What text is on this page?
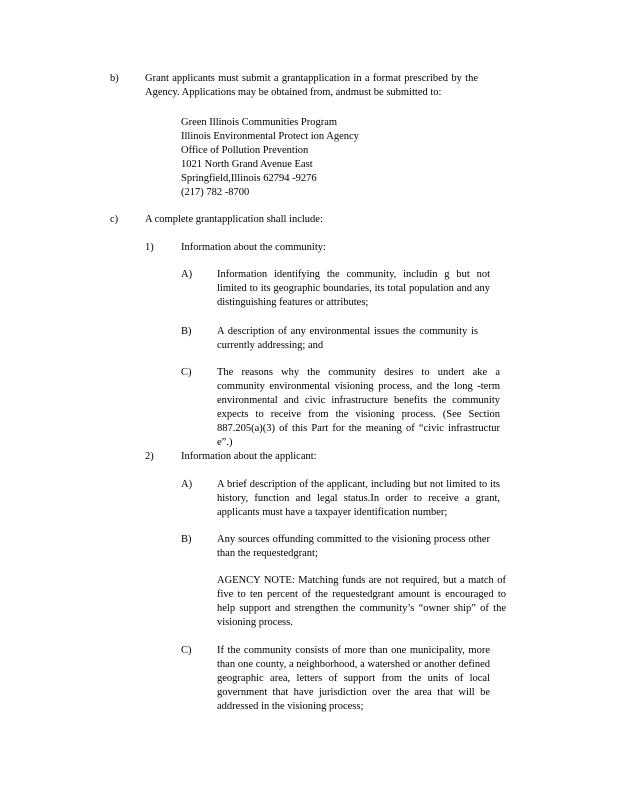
b)	Grant applicants must submit a grantapplication in a format prescribed by the Agency. Applications may be obtained from, andmust be submitted to:
Green Illinois Communities Program
Illinois Environmental Protect ion Agency
Office of Pollution Prevention
1021 North Grand Avenue East
Springfield,Illinois 62794 -9276
(217) 782 -8700
c)	A complete grantapplication shall include:
1)	Information about the community:
A) Information identifying the community, includin g but not limited to its geographic boundaries, its total population and any distinguishing features or attributes;
B) A description of any environmental issues the community is currently addressing; and
C) The reasons why the community desires to undert ake a community environmental visioning process, and the long -term environmental and civic infrastructure benefits the community expects to receive from the visioning process. (See Section 887.205(a)(3) of this Part for the meaning of “civic infrastructur e”.)
2)	Information about the applicant:
A) A brief description of the applicant, including but not limited to its history, function and legal status.In order to receive a grant, applicants must have a taxpayer identification number;
B) Any sources offunding committed to the visioning process other than the requestedgrant;
AGENCY NOTE: Matching funds are not required, but a match of five to ten percent of the requestedgrant amount is encouraged to help support and strengthen the community’s “owner ship” of the visioning process.
C) If the community consists of more than one municipality, more than one county, a neighborhood, a watershed or another defined geographic area, letters of support from the units of local government that have jurisdiction over the area that will be addressed in the visioning process;
